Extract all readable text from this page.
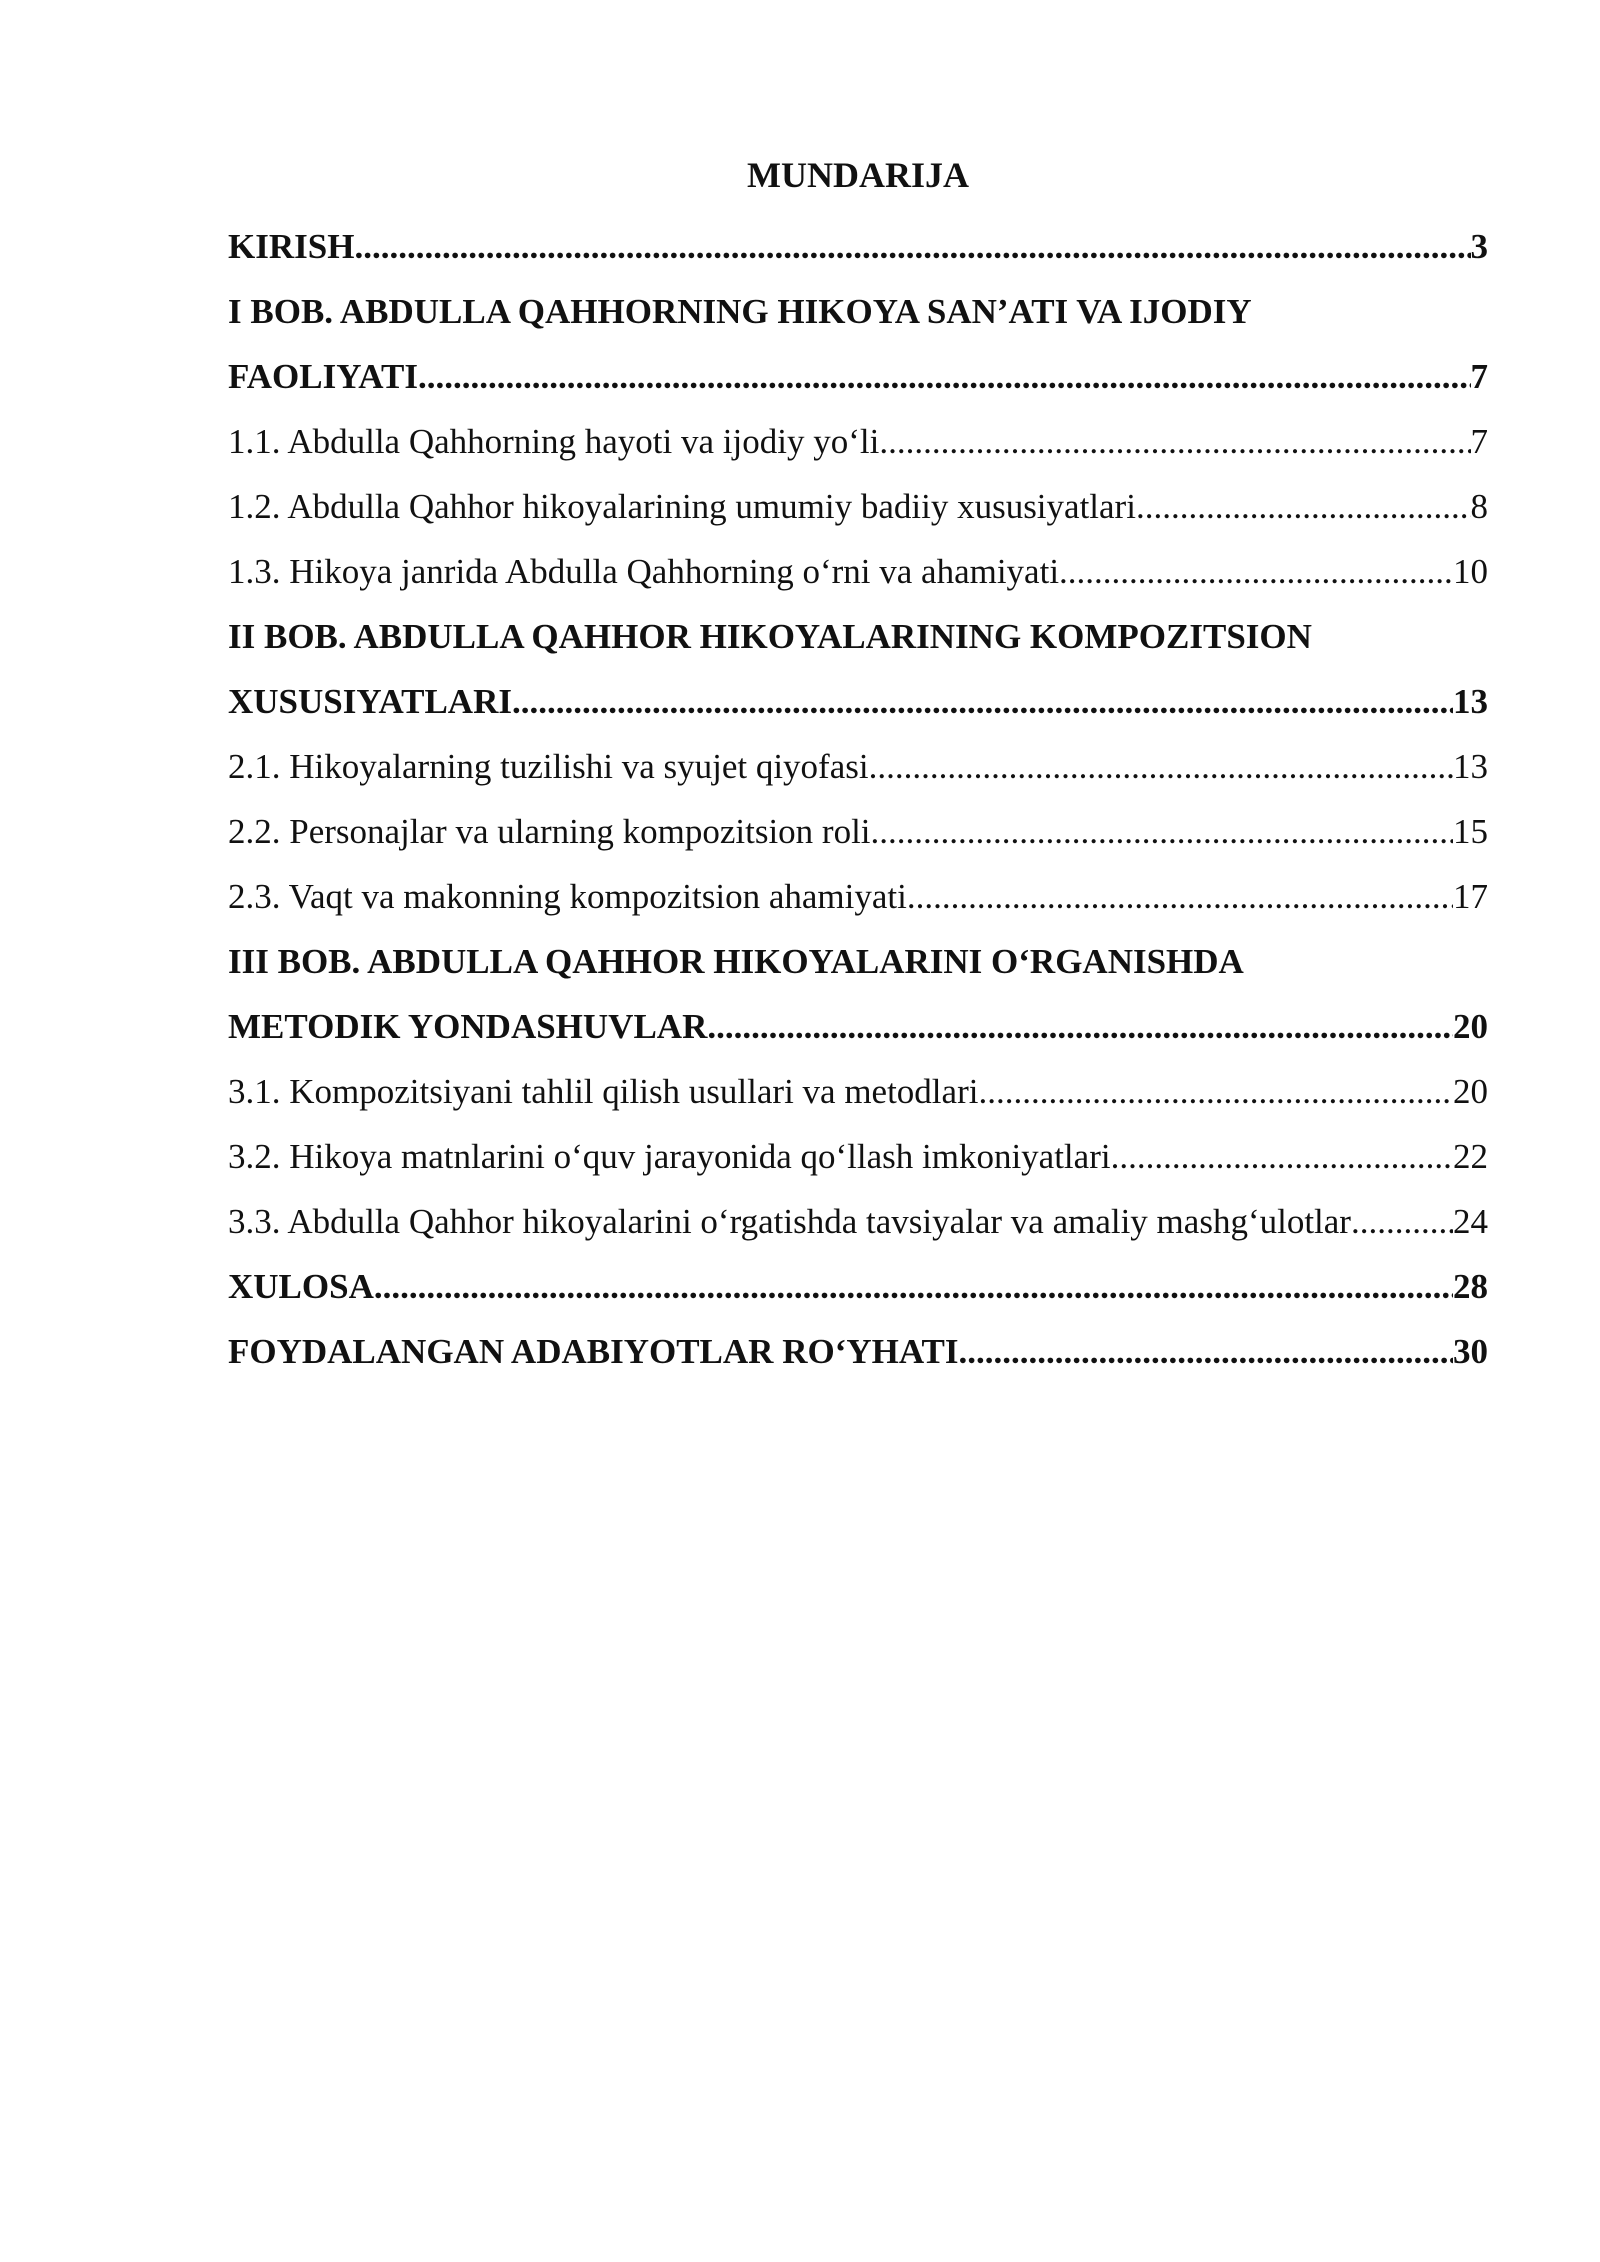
MUNDARIJA
KIRISH .....	3
I BOB. ABDULLA QAHHORNING HIKOYA SAN’ATI VA IJODIY
FAOLIYATI .....	7
1.1. Abdulla Qahhorning hayoti va ijodiy yo‘li .....	7
1.2. Abdulla Qahhor hikoyalarining umumiy badiiy xususiyatlari .....	8
1.3. Hikoya janrida Abdulla Qahhorning o‘rni va ahamiyati .....	10
II BOB. ABDULLA QAHHOR HIKOYALARINING KOMPOZITSION
XUSUSIYATLARI .....	13
2.1. Hikoyalarning tuzilishi va syujet qiyofasi .....	13
2.2. Personajlar va ularning kompozitsion roli .....	15
2.3. Vaqt va makonning kompozitsion ahamiyati .....	17
III BOB. ABDULLA QAHHOR HIKOYALARINI O‘RGANISHDA
METODIK YONDASHUVLAR .....	20
3.1. Kompozitsiyani tahlil qilish usullari va metodlari .....	20
3.2. Hikoya matnlarini o‘quv jarayonida qo‘llash imkoniyatlari .....	22
3.3. Abdulla Qahhor hikoyalarini o‘rgatishda tavsiyalar va amaliy mashg‘ulotlar .....	24
XULOSA .....	28
FOYDALANGAN ADABIYOTLAR RO‘YHATI .....	30
